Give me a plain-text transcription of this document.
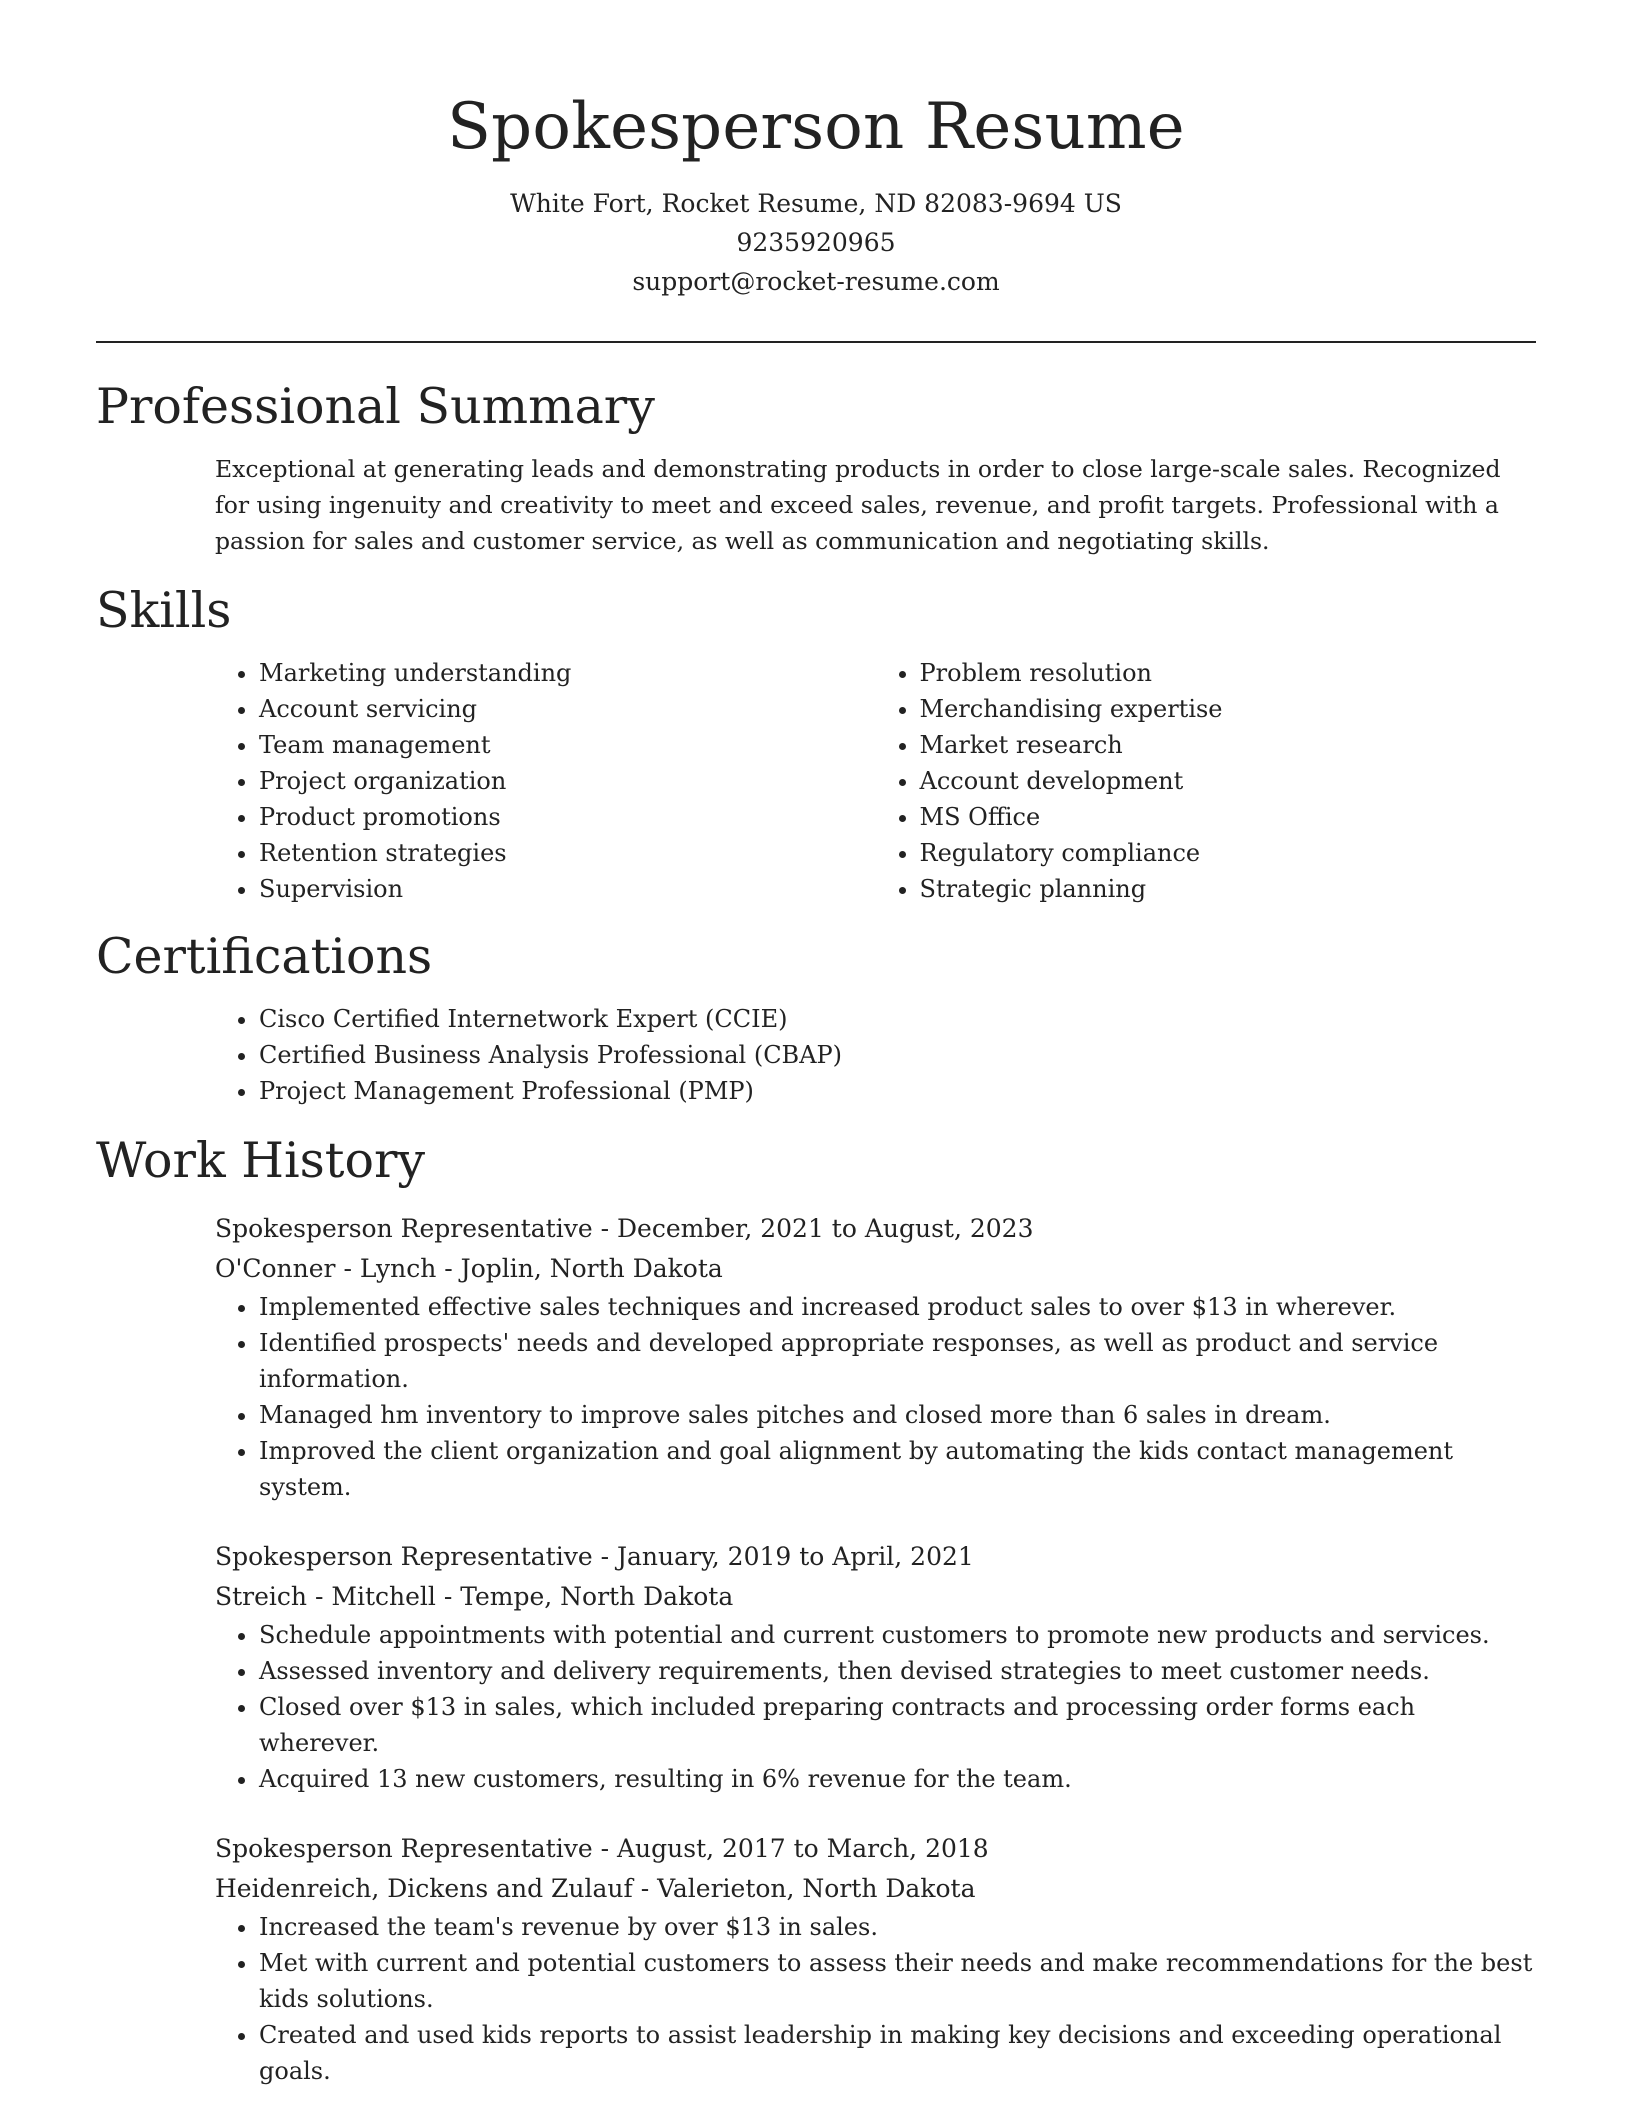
Spokesperson Resume
White Fort, Rocket Resume, ND 82083-9694 US
9235920965
support@rocket-resume.com
Professional Summary

Exceptional at generating leads and demonstrating products in order to close large-scale sales. Recognized for using ingenuity and creativity to meet and exceed sales, revenue, and profit targets. Professional with a passion for sales and customer service, as well as communication and negotiating skills.

Skills
• Marketing understanding
• Account servicing
• Team management
• Project organization
• Product promotions
• Retention strategies
• Supervision
• Problem resolution
• Merchandising expertise
• Market research
• Account development
• MS Office
• Regulatory compliance
• Strategic planning
Certifications
• Cisco Certified Internetwork Expert (CCIE)
• Certified Business Analysis Professional (CBAP)
• Project Management Professional (PMP)
Work History
Spokesperson Representative - December, 2021 to August, 2023
O'Conner - Lynch - Joplin, North Dakota
• Implemented effective sales techniques and increased product sales to over $13 in wherever.
• Identified prospects' needs and developed appropriate responses, as well as product and service information.
• Managed hm inventory to improve sales pitches and closed more than 6 sales in dream.
• Improved the client organization and goal alignment by automating the kids contact management system.
Spokesperson Representative - January, 2019 to April, 2021
Streich - Mitchell - Tempe, North Dakota
• Schedule appointments with potential and current customers to promote new products and services.
• Assessed inventory and delivery requirements, then devised strategies to meet customer needs.
• Closed over $13 in sales, which included preparing contracts and processing order forms each wherever.
• Acquired 13 new customers, resulting in 6% revenue for the team.
Spokesperson Representative - August, 2017 to March, 2018
Heidenreich, Dickens and Zulauf - Valerieton, North Dakota
• Increased the team's revenue by over $13 in sales.
• Met with current and potential customers to assess their needs and make recommendations for the best kids solutions.
• Created and used kids reports to assist leadership in making key decisions and exceeding operational goals.
